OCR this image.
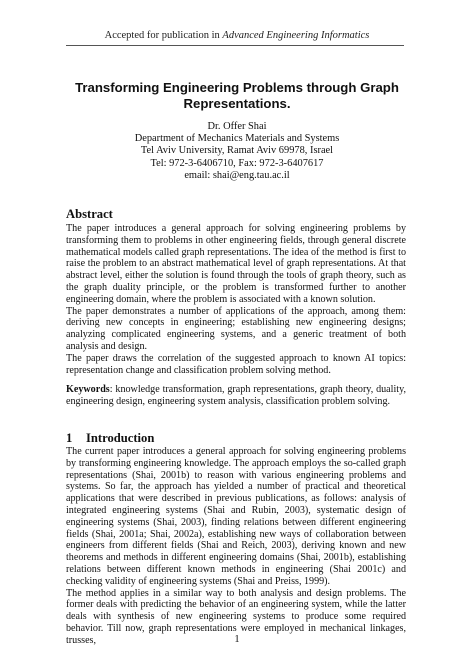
Accepted for publication in Advanced Engineering Informatics
Transforming Engineering Problems through Graph Representations.
Dr. Offer Shai
Department of Mechanics Materials and Systems
Tel Aviv University, Ramat Aviv 69978, Israel
Tel: 972-3-6406710, Fax: 972-3-6407617
email: shai@eng.tau.ac.il
Abstract

The paper introduces a general approach for solving engineering problems by transforming them to problems in other engineering fields, through general discrete mathematical models called graph representations. The idea of the method is first to raise the problem to an abstract mathematical level of graph representations. At that abstract level, either the solution is found through the tools of graph theory, such as the graph duality principle, or the problem is transformed further to another engineering domain, where the problem is associated with a known solution.

The paper demonstrates a number of applications of the approach, among them: deriving new concepts in engineering; establishing new engineering designs; analyzing complicated engineering systems, and a generic treatment of both analysis and design.

The paper draws the correlation of the suggested approach to known AI topics: representation change and classification problem solving method.

Keywords: knowledge transformation, graph representations, graph theory, duality, engineering design, engineering system analysis, classification problem solving.

1 Introduction

The current paper introduces a general approach for solving engineering problems by transforming engineering knowledge. The approach employs the so-called graph representations (Shai, 2001b) to reason with various engineering problems and systems. So far, the approach has yielded a number of practical and theoretical applications that were described in previous publications, as follows: analysis of integrated engineering systems (Shai and Rubin, 2003), systematic design of engineering systems (Shai, 2003), finding relations between different engineering fields (Shai, 2001a; Shai, 2002a), establishing new ways of collaboration between engineers from different fields (Shai and Reich, 2003), deriving known and new theorems and methods in different engineering domains (Shai, 2001b), establishing relations between different known methods in engineering (Shai 2001c) and checking validity of engineering systems (Shai and Preiss, 1999).

The method applies in a similar way to both analysis and design problems. The former deals with predicting the behavior of an engineering system, while the latter deals with synthesis of new engineering systems to produce some required behavior. Till now, graph representations were employed in mechanical linkages, trusses,	1
